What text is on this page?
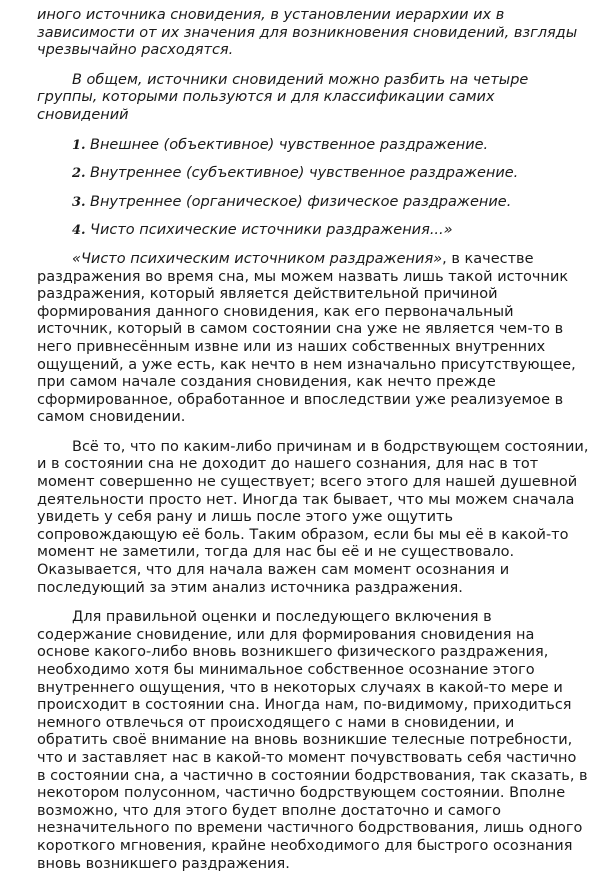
иного источника сновидения, в установлении иерархии их в зависимости от их значения для возникновения сновидений, взгляды чрезвычайно расходятся.

В общем, источники сновидений можно разбить на четыре группы, которыми пользуются и для классификации самих сновидений

1. Внешнее (объективное) чувственное раздражение.
2. Внутреннее (субъективное) чувственное раздражение.
3. Внутреннее (органическое) физическое раздражение.
4. Чисто психические источники раздражения...»

«Чисто психическим источником раздражения», в качестве раздражения во время сна, мы можем назвать лишь такой источник раздражения, который является действительной причиной формирования данного сновидения, как его первоначальный источник, который в самом состоянии сна уже не является чем-то в него привнесённым извне или из наших собственных внутренних ощущений, а уже есть, как нечто в нем изначально присутствующее, при самом начале создания сновидения, как нечто прежде сформированное, обработанное и впоследствии уже реализуемое в самом сновидении.

Всё то, что по каким-либо причинам и в бодрствующем состоянии, и в состоянии сна не доходит до нашего сознания, для нас в тот момент совершенно не существует; всего этого для нашей душевной деятельности просто нет. Иногда так бывает, что мы можем сначала увидеть у себя рану и лишь после этого уже ощутить сопровождающую её боль. Таким образом, если бы мы её в какой-то момент не заметили, тогда для нас бы её и не существовало. Оказывается, что для начала важен сам момент осознания и последующий за этим анализ источника раздражения.

Для правильной оценки и последующего включения в содержание сновидение, или для формирования сновидения на основе какого-либо вновь возникшего физического раздражения, необходимо хотя бы минимальное собственное осознание этого внутреннего ощущения, что в некоторых случаях в какой-то мере и происходит в состоянии сна. Иногда нам, по-видимому, приходиться немного отвлечься от происходящего с нами в сновидении, и обратить своё внимание на вновь возникшие телесные потребности, что и заставляет нас в какой-то момент почувствовать себя частично в состоянии сна, а частично в состоянии бодрствования, так сказать, в некотором полусонном, частично бодрствующем состоянии. Вполне возможно, что для этого будет вполне достаточно и самого незначительного по времени частичного бодрствования, лишь одного короткого мгновения, крайне необходимого для быстрого осознания вновь возникшего раздражения.
